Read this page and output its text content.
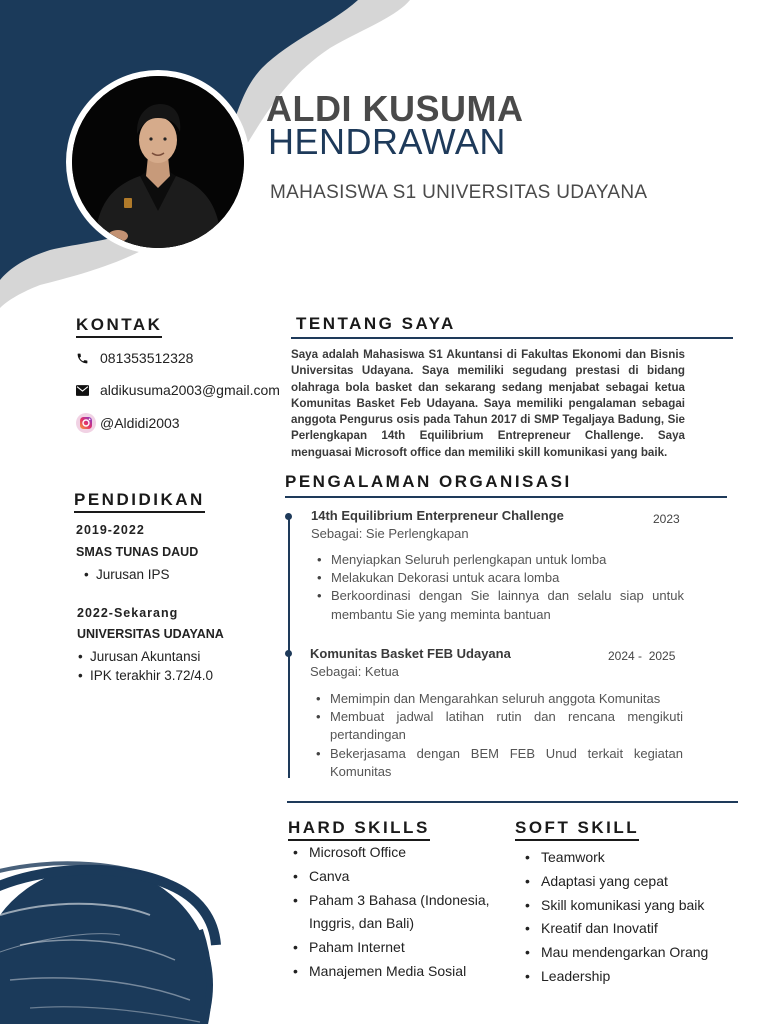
ALDI KUSUMA
HENDRAWAN
MAHASISWA S1 UNIVERSITAS UDAYANA
KONTAK
081353512328
aldikusuma2003@gmail.com
@Aldidi2003
PENDIDIKAN
2019-2022
SMAS TUNAS DAUD
• Jurusan IPS
2022-Sekarang
UNIVERSITAS UDAYANA
• Jurusan Akuntansi
• IPK terakhir 3.72/4.0
TENTANG SAYA
Saya adalah Mahasiswa S1 Akuntansi di Fakultas Ekonomi dan Bisnis Universitas Udayana. Saya memiliki segudang prestasi di bidang olahraga bola basket dan sekarang sedang menjabat sebagai ketua Komunitas Basket Feb Udayana. Saya memiliki pengalaman sebagai anggota Pengurus osis pada Tahun 2017 di SMP Tegaljaya Badung, Sie Perlengkapan 14th Equilibrium Entrepreneur Challenge. Saya menguasai Microsoft office dan memiliki skill komunikasi yang baik.
PENGALAMAN ORGANISASI
14th Equilibrium Enterpreneur Challenge	2023
Sebagai: Sie Perlengkapan
• Menyiapkan Seluruh perlengkapan untuk lomba
• Melakukan Dekorasi untuk acara lomba
• Berkoordinasi dengan Sie lainnya dan selalu siap untuk membantu Sie yang meminta bantuan
Komunitas Basket FEB Udayana	2024 -  2025
Sebagai: Ketua
• Memimpin dan Mengarahkan seluruh anggota Komunitas
• Membuat jadwal latihan rutin dan rencana mengikuti pertandingan
• Bekerjasama dengan BEM FEB Unud terkait kegiatan Komunitas
HARD SKILLS
• Microsoft Office
• Canva
• Paham 3 Bahasa (Indonesia, Inggris, dan Bali)
• Paham Internet
• Manajemen Media Sosial
SOFT SKILL
• Teamwork
• Adaptasi yang cepat
• Skill komunikasi yang baik
• Kreatif dan Inovatif
• Mau mendengarkan Orang
• Leadership
